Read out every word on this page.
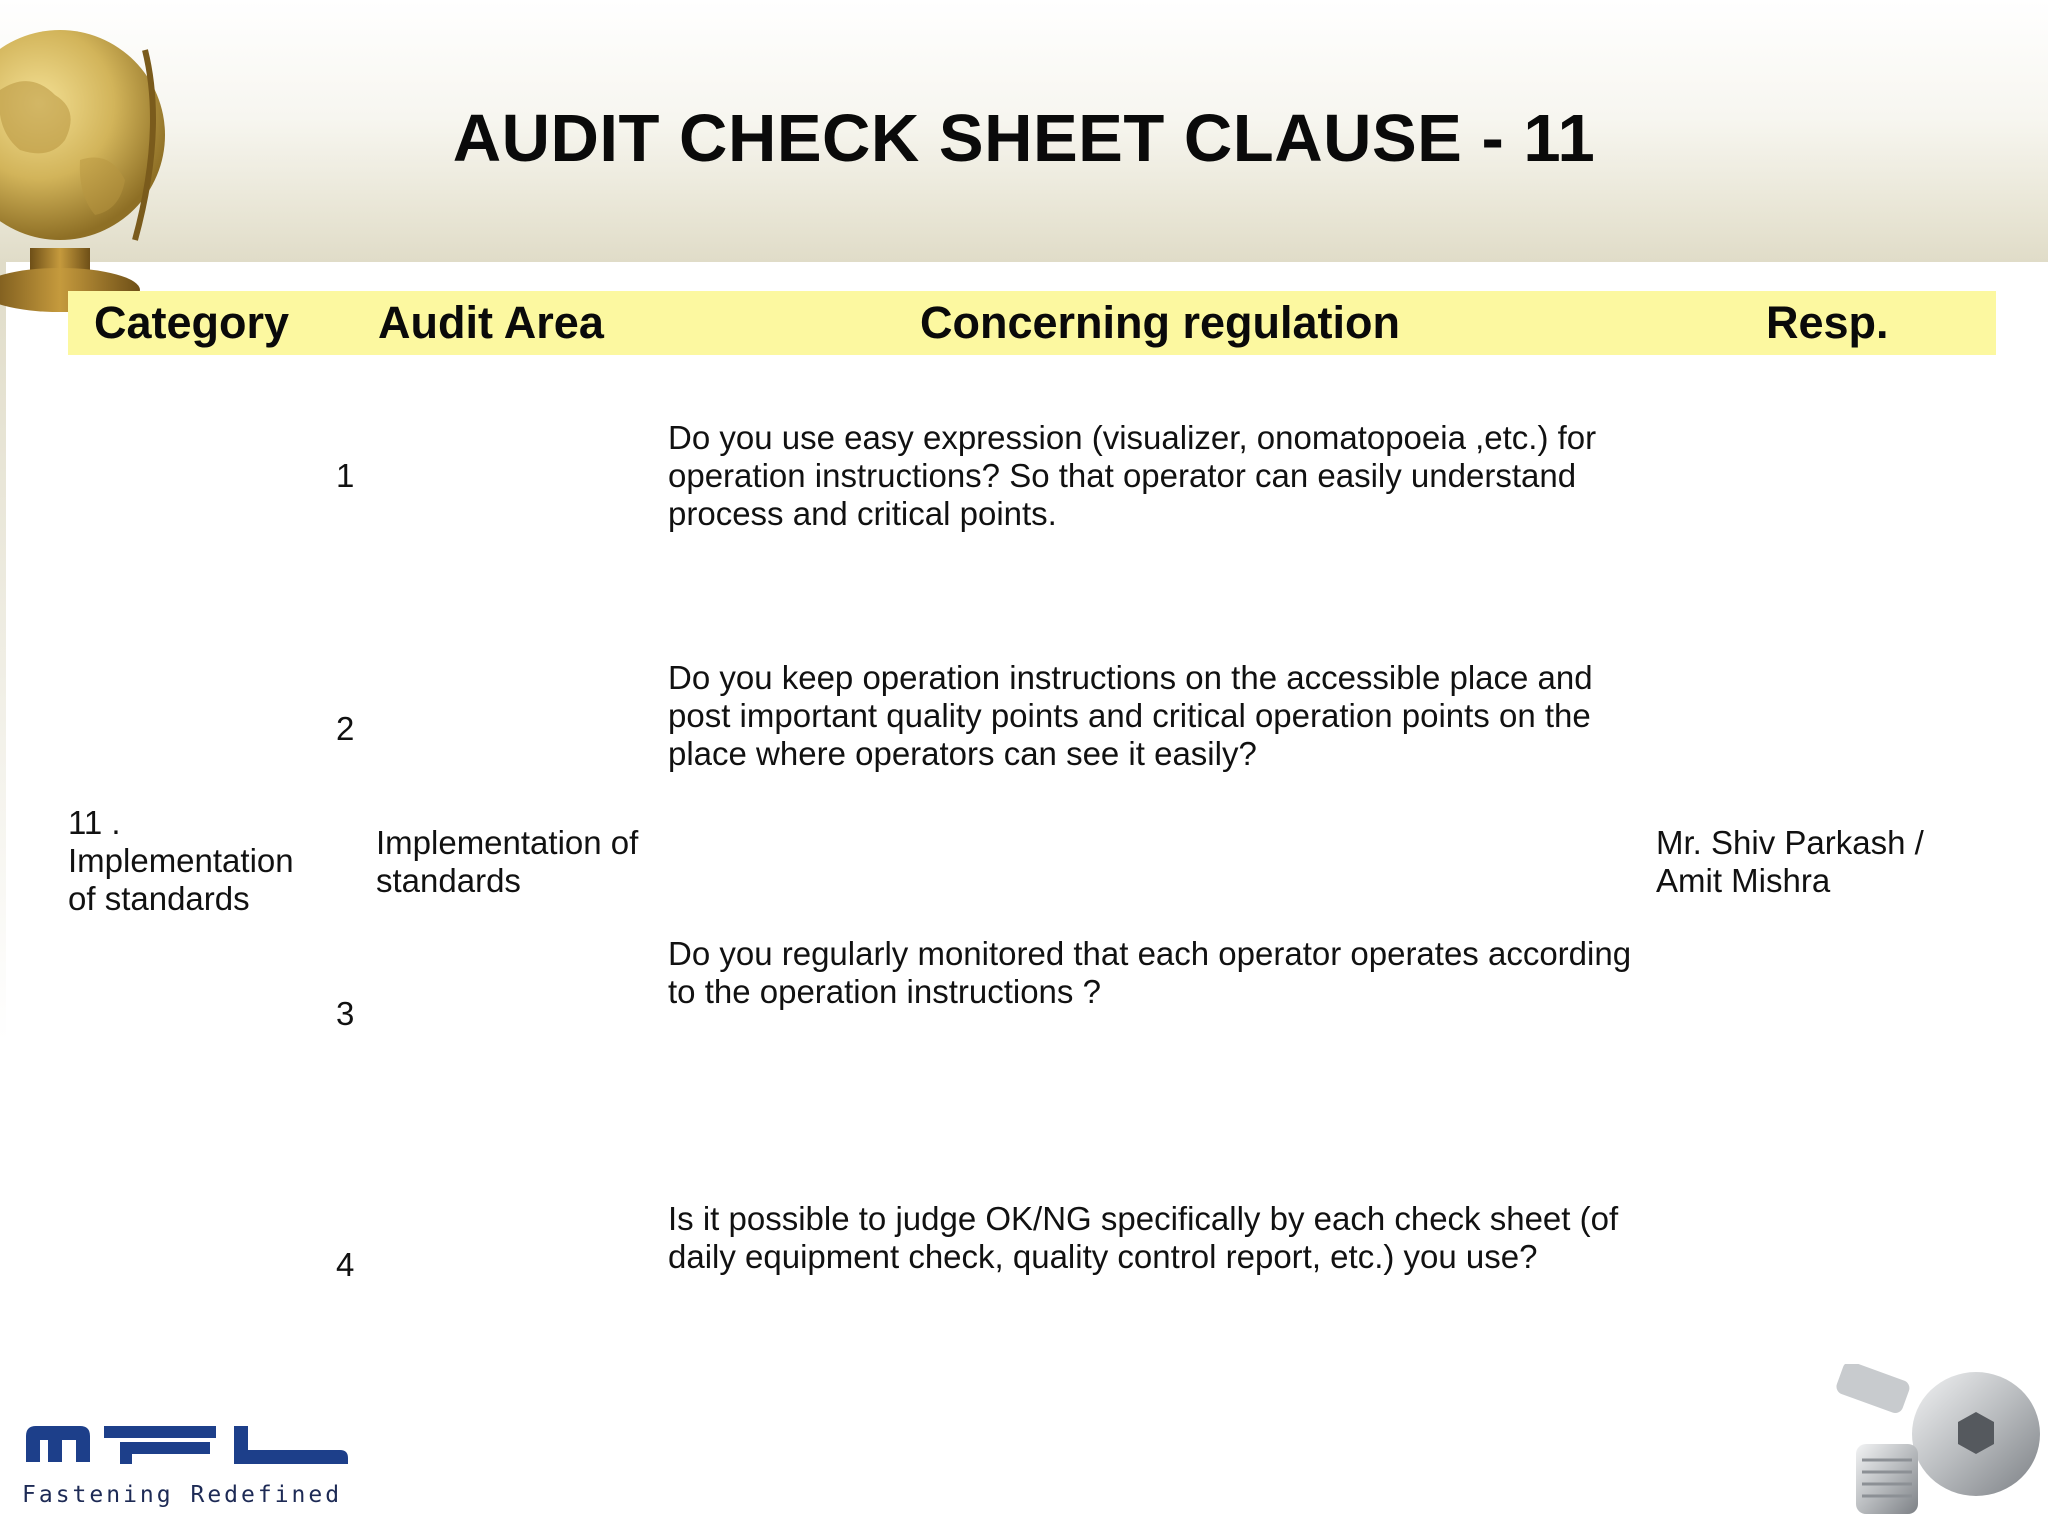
AUDIT CHECK SHEET CLAUSE - 11
Category Audit Area	Concerning regulation	Resp.
11 . Implementation of standards
Implementation of standards
Mr. Shiv Parkash / Amit Mishra
1
Do you use easy expression (visualizer, onomatopoeia ,etc.) for operation instructions? So that operator can easily understand process and critical points.
2
Do you keep operation instructions on the accessible place and post important quality points and critical operation points on the place where operators can see it easily?
3
Do you regularly monitored that each operator operates according to the operation instructions ?
4
Is it possible to judge OK/NG specifically by each check sheet (of daily equipment check, quality control report, etc.) you use?
Fastening Redefined
